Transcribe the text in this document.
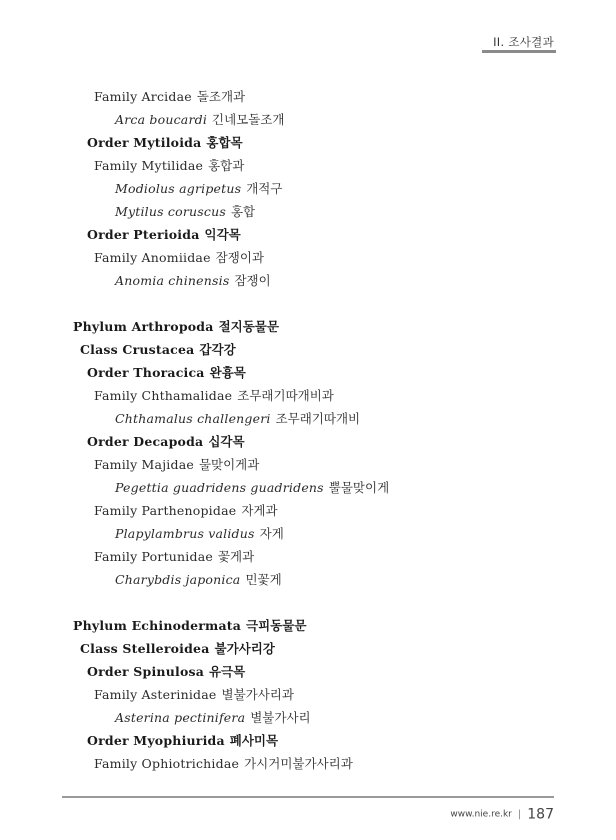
II. 조사결과
Family Arcidae 돌조개과
Arca boucardi 긴네모돌조개
Order Mytiloida 홍합목
Family Mytilidae 홍합과
Modiolus agripetus 개적구
Mytilus coruscus 홍합
Order Pterioida 익각목
Family Anomiidae 잠쟁이과
Anomia chinensis 잠쟁이
Phylum Arthropoda 절지동물문
Class Crustacea 갑각강
Order Thoracica 완흉목
Family Chthamalidae 조무래기따개비과
Chthamalus challengeri 조무래기따개비
Order Decapoda 십각목
Family Majidae 물맞이게과
Pegettia guadridens guadridens 뿔물맞이게
Family Parthenopidae 자게과
Plapylambrus validus 자게
Family Portunidae 꽃게과
Charybdis japonica 민꽃게
Phylum Echinodermata 극피동물문
Class Stelleroidea 불가사리강
Order Spinulosa 유극목
Family Asterinidae 별불가사리과
Asterina pectinifera 별불가사리
Order Myophiurida 폐사미목
Family Ophiotrichidae 가시거미불가사리과
www.nie.re.kr | 187
